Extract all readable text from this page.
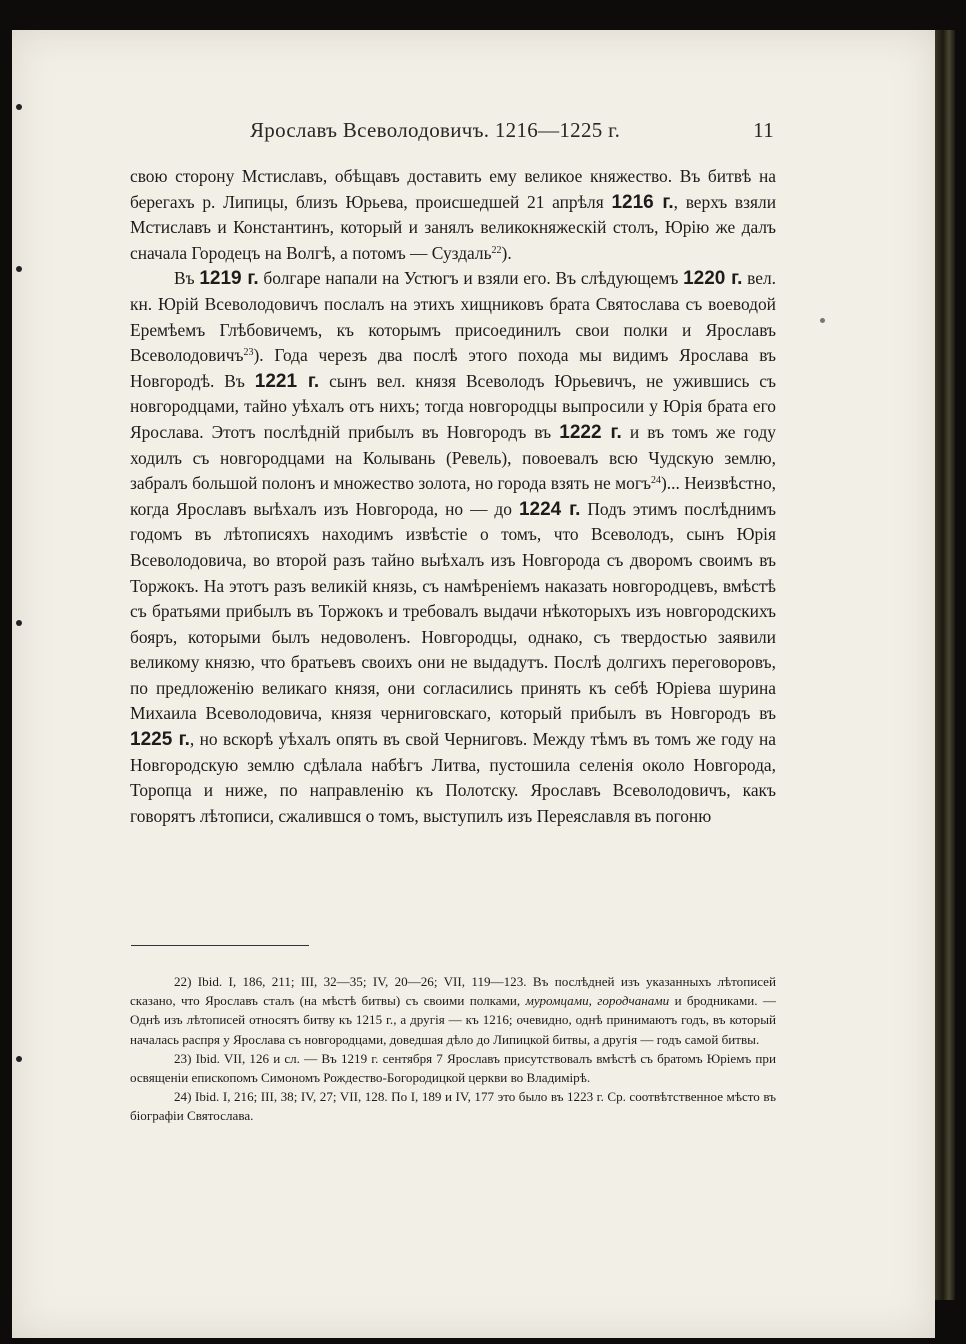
Ярославъ Всеволодовичъ. 1216—1225 г.	11

свою сторону Мстиславъ, обѣщавъ доставить ему великое княжество. Въ битвѣ на берегахъ р. Липицы, близъ Юрьева, происшедшей 21 апрѣля 1216 г., верхъ взяли Мстиславъ и Константинъ, который и занялъ великокняжескiй столъ, Юрiю же далъ сначала Городецъ на Волгѣ, а потомъ — Суздаль$^{22}$).

Въ 1219 г. болгаре напали на Устюгъ и взяли его. Въ слѣдующемъ 1220 г. вел. кн. Юрiй Всеволодовичъ послалъ на этихъ хищниковъ брата Святослава съ воеводой Еремѣемъ Глѣбовичемъ, къ которымъ присоединилъ свои полки и Ярославъ Всеволодовичъ$^{23}$). Года черезъ два послѣ этого похода мы видимъ Ярослава въ Новгородѣ. Въ 1221 г. сынъ вел. князя Всеволодъ Юрьевичъ, не ужившись съ новгородцами, тайно уѣхалъ отъ нихъ; тогда новгородцы выпросили у Юрiя брата его Ярослава. Этотъ послѣднiй прибылъ въ Новгородъ въ 1222 г. и въ томъ же году ходилъ съ новгородцами на Колывань (Ревель), повоевалъ всю Чудскую землю, забралъ большой полонъ и множество золота, но города взять не могъ$^{24}$)... Неизвѣстно, когда Ярославъ выѣхалъ изъ Новгорода, но — до 1224 г. Подъ этимъ послѣднимъ годомъ въ лѣтописяхъ находимъ извѣстiе о томъ, что Всеволодъ, сынъ Юрiя Всеволодовича, во второй разъ тайно выѣхалъ изъ Новгорода съ дворомъ своимъ въ Торжокъ. На этотъ разъ великiй князь, съ намѣренiемъ наказать новгородцевъ, вмѣстѣ съ братьями прибылъ въ Торжокъ и требовалъ выдачи нѣкоторыхъ изъ новгородскихъ бояръ, которыми былъ недоволенъ. Новгородцы, однако, съ твердостью заявили великому князю, что братьевъ своихъ они не выдадутъ. Послѣ долгихъ переговоровъ, по предложенiю великаго князя, они согласились принять къ себѣ Юрiева шурина Михаила Всеволодовича, князя черниговскаго, который прибылъ въ Новгородъ въ 1225 г., но вскорѣ уѣхалъ опять въ свой Черниговъ. Между тѣмъ въ томъ же году на Новгородскую землю сдѣлала набѣгъ Литва, пустошила селенiя около Новгорода, Торопца и ниже, по направленiю къ Полотску. Ярославъ Всеволодовичъ, какъ говорятъ лѣтописи, сжалившся о томъ, выступилъ изъ Переяславля въ погоню

22) Ibid. I, 186, 211; III, 32—35; IV, 20—26; VII, 119—123. Въ послѣдней изъ указанныхъ лѣтописей сказано, что Ярославъ сталъ (на мѣстѣ битвы) съ своими полками, муромцами, городчанами и бродниками. — Однѣ изъ лѣтописей относятъ битву къ 1215 г., а другiя — къ 1216; очевидно, однѣ принимаютъ годъ, въ который началась распря у Ярослава съ новгородцами, доведшая дѣло до Липицкой битвы, а другiя — годъ самой битвы.

23) Ibid. VII, 126 и сл. — Въ 1219 г. сентября 7 Ярославъ присутствовалъ вмѣстѣ съ братомъ Юрiемъ при освященiи епископомъ Симономъ Рождество-Богородицкой церкви во Владимiрѣ.

24) Ibid. I, 216; III, 38; IV, 27; VII, 128. По I, 189 и IV, 177 это было въ 1223 г. Ср. соотвѣтственное мѣсто въ бiографiи Святослава.
